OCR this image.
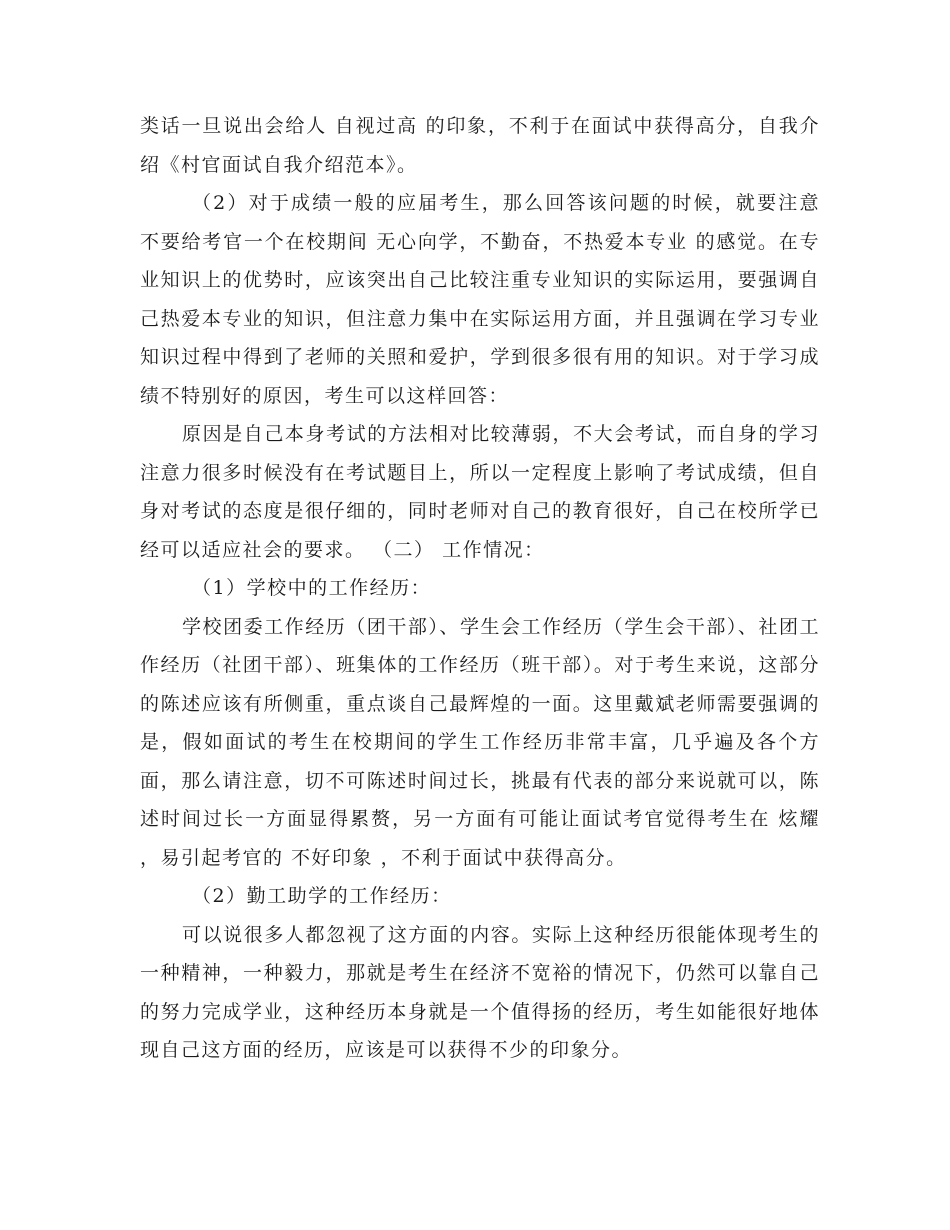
类话一旦说出会给人 自视过高 的印象，不利于在面试中获得高分，自我介绍《村官面试自我介绍范本》。

（2）对于成绩一般的应届考生，那么回答该问题的时候，就要注意不要给考官一个在校期间 无心向学，不勤奋，不热爱本专业 的感觉。在专业知识上的优势时，应该突出自己比较注重专业知识的实际运用，要强调自己热爱本专业的知识，但注意力集中在实际运用方面，并且强调在学习专业知识过程中得到了老师的关照和爱护，学到很多很有用的知识。对于学习成绩不特别好的原因，考生可以这样回答：

原因是自己本身考试的方法相对比较薄弱，不大会考试，而自身的学习注意力很多时候没有在考试题目上，所以一定程度上影响了考试成绩，但自身对考试的态度是很仔细的，同时老师对自己的教育很好，自己在校所学已经可以适应社会的要求。 （二） 工作情况：

（1）学校中的工作经历：

学校团委工作经历（团干部）、学生会工作经历（学生会干部）、社团工作经历（社团干部）、班集体的工作经历（班干部）。对于考生来说，这部分的陈述应该有所侧重，重点谈自己最辉煌的一面。这里戴斌老师需要强调的是，假如面试的考生在校期间的学生工作经历非常丰富，几乎遍及各个方面，那么请注意，切不可陈述时间过长，挑最有代表的部分来说就可以，陈述时间过长一方面显得累赘，另一方面有可能让面试考官觉得考生在 炫耀 ，易引起考官的 不好印象 ，不利于面试中获得高分。

（2）勤工助学的工作经历：

可以说很多人都忽视了这方面的内容。实际上这种经历很能体现考生的一种精神，一种毅力，那就是考生在经济不宽裕的情况下，仍然可以靠自己的努力完成学业，这种经历本身就是一个值得扬的经历，考生如能很好地体现自己这方面的经历，应该是可以获得不少的印象分。
